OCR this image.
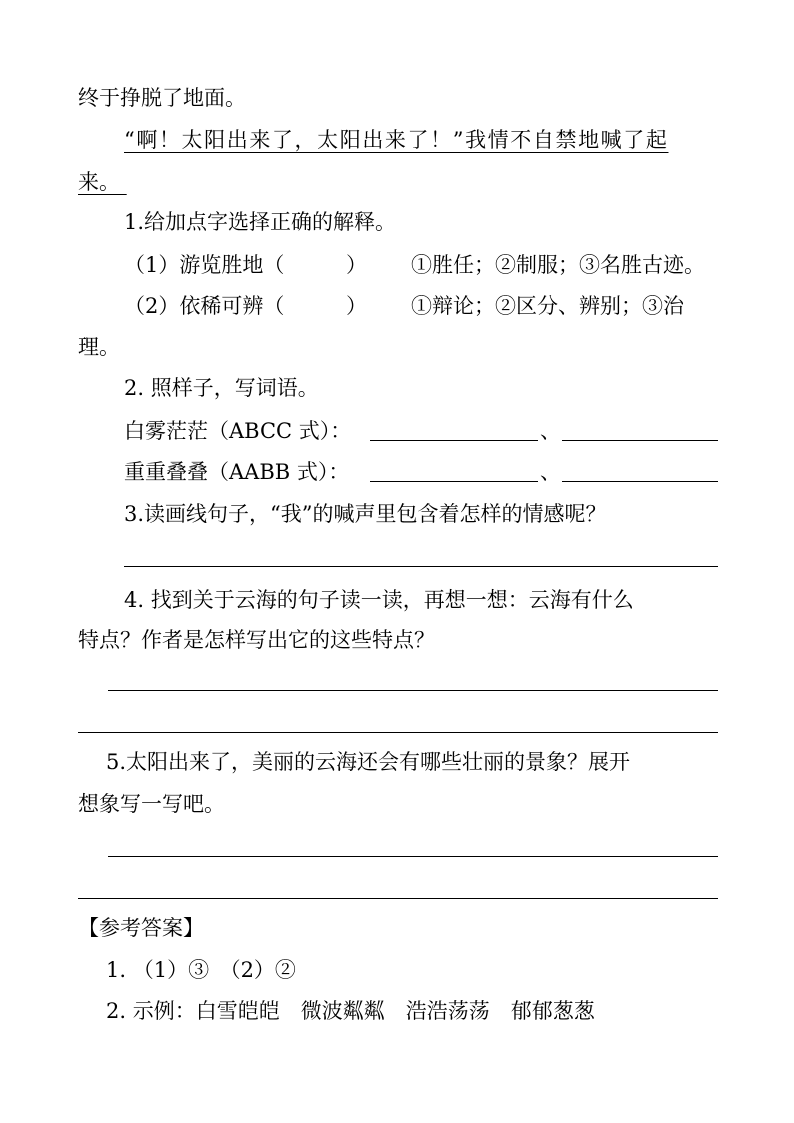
终于挣脱了地面。
“啊！太阳出来了，太阳出来了！”我情不自禁地喊了起
来。
1.给加点字选择正确的解释。
（1）游览胜地（	） ①胜任；②制服；③名胜古迹。
（2）依稀可辨（	） ①辩论；②区分、辨别；③治
理。
2. 照样子，写词语。
白雾茫茫（ABCC 式）：	、
重重叠叠（AABB 式）：	、
3.读画线句子，“我”的喊声里包含着怎样的情感呢？
4. 找到关于云海的句子读一读，再想一想：云海有什么
特点？作者是怎样写出它的这些特点？
5.太阳出来了，美丽的云海还会有哪些壮丽的景象？展开
想象写一写吧。
【参考答案】
1. （1）③　（2）②
2. 示例：白雪皑皑　微波粼粼　浩浩荡荡　郁郁葱葱
